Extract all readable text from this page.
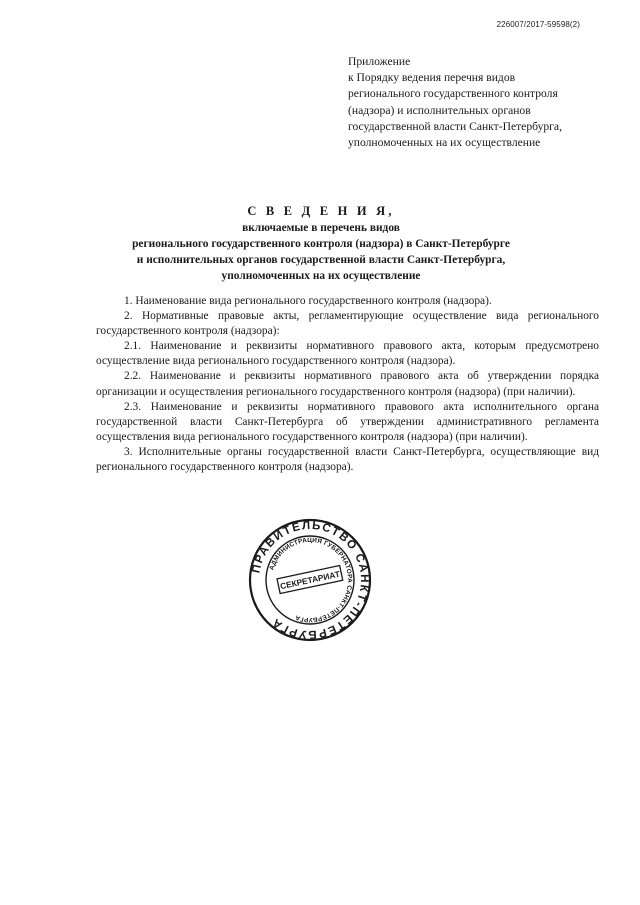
226007/2017-59598(2)
Приложение
к Порядку ведения перечня видов
регионального государственного контроля
(надзора) и исполнительных органов
государственной власти Санкт-Петербурга,
уполномоченных на их осуществление
С В Е Д Е Н И Я,
включаемые в перечень видов
регионального государственного контроля (надзора) в Санкт-Петербурге
и исполнительных органов государственной власти Санкт-Петербурга,
уполномоченных на их осуществление

1. Наименование вида регионального государственного контроля (надзора).

2. Нормативные правовые акты, регламентирующие осуществление вида регионального государственного контроля (надзора):

2.1. Наименование и реквизиты нормативного правового акта, которым предусмотрено осуществление вида регионального государственного контроля (надзора).

2.2. Наименование и реквизиты нормативного правового акта об утверждении порядка организации и осуществления регионального государственного контроля (надзора) (при наличии).

2.3. Наименование и реквизиты нормативного правового акта исполнительного органа государственной власти Санкт-Петербурга об утверждении административного регламента осуществления вида регионального государственного контроля (надзора) (при наличии).

3. Исполнительные органы государственной власти Санкт-Петербурга, осуществляющие вид регионального государственного контроля (надзора).

ПРАВИТЕЛЬСТВО САНКТ-ПЕТЕРБУРГА
АДМИНИСТРАЦИЯ ГУБЕРНАТОРА САНКТ-ПЕТЕРБУРГА
СЕКРЕТАРИАТ
